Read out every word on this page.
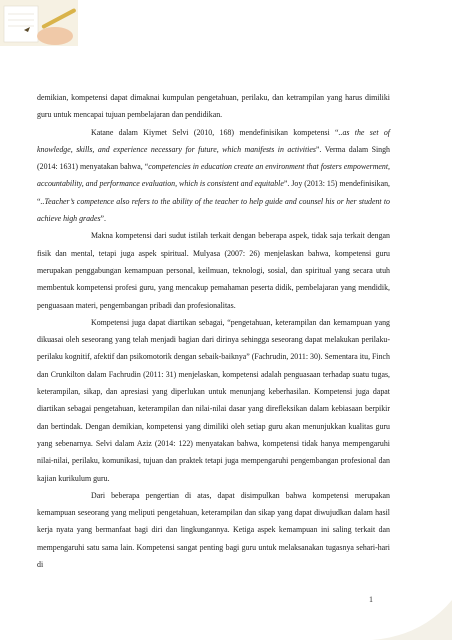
demikian, kompetensi dapat dimaknai kumpulan pengetahuan, perilaku, dan ketrampilan yang harus dimiliki guru untuk mencapai tujuan pembelajaran dan pendidikan.

Katane dalam Kiymet Selvi (2010, 168) mendefinisikan kompetensi “..as the set of knowledge, skills, and experience necessary for future, which manifests in activities”. Verma dalam Singh (2014: 1631) menyatakan bahwa, “competencies in education create an environment that fosters empowerment, accountability, and performance evaluation, which is consistent and equitable”. Joy (2013: 15) mendefinisikan, “..Teacher’s competence also refers to the ability of the teacher to help guide and counsel his or her student to achieve high grades”.

Makna kompetensi dari sudut istilah terkait dengan beberapa aspek, tidak saja terkait dengan fisik dan mental, tetapi juga aspek spiritual. Mulyasa (2007: 26) menjelaskan bahwa, kompetensi guru merupakan penggabungan kemampuan personal, keilmuan, teknologi, sosial, dan spiritual yang secara utuh membentuk kompetensi profesi guru, yang mencakup pemahaman peserta didik, pembelajaran yang mendidik, penguasaan materi, pengembangan pribadi dan profesionalitas.

Kompetensi juga dapat diartikan sebagai, “pengetahuan, keterampilan dan kemampuan yang dikuasai oleh seseorang yang telah menjadi bagian dari dirinya sehingga seseorang dapat melakukan perilaku-perilaku kognitif, afektif dan psikomotorik dengan sebaik-baiknya” (Fachrudin, 2011: 30). Sementara itu, Finch dan Crunkilton dalam Fachrudin (2011: 31) menjelaskan, kompetensi adalah penguasaan terhadap suatu tugas, keterampilan, sikap, dan apresiasi yang diperlukan untuk menunjang keberhasilan. Kompetensi juga dapat diartikan sebagai pengetahuan, keterampilan dan nilai-nilai dasar yang direfleksikan dalam kebiasaan berpikir dan bertindak. Dengan demikian, kompetensi yang dimiliki oleh setiap guru akan menunjukkan kualitas guru yang sebenarnya. Selvi dalam Aziz (2014: 122) menyatakan bahwa, kompetensi tidak hanya mempengaruhi nilai-nilai, perilaku, komunikasi, tujuan dan praktek tetapi juga mempengaruhi pengembangan profesional dan kajian kurikulum guru.

Dari beberapa pengertian di atas, dapat disimpulkan bahwa kompetensi merupakan kemampuan seseorang yang meliputi pengetahuan, keterampilan dan sikap yang dapat diwujudkan dalam hasil kerja nyata yang bermanfaat bagi diri dan lingkungannya. Ketiga aspek kemampuan ini saling terkait dan mempengaruhi satu sama lain. Kompetensi sangat penting bagi guru untuk melaksanakan tugasnya sehari-hari di

1
